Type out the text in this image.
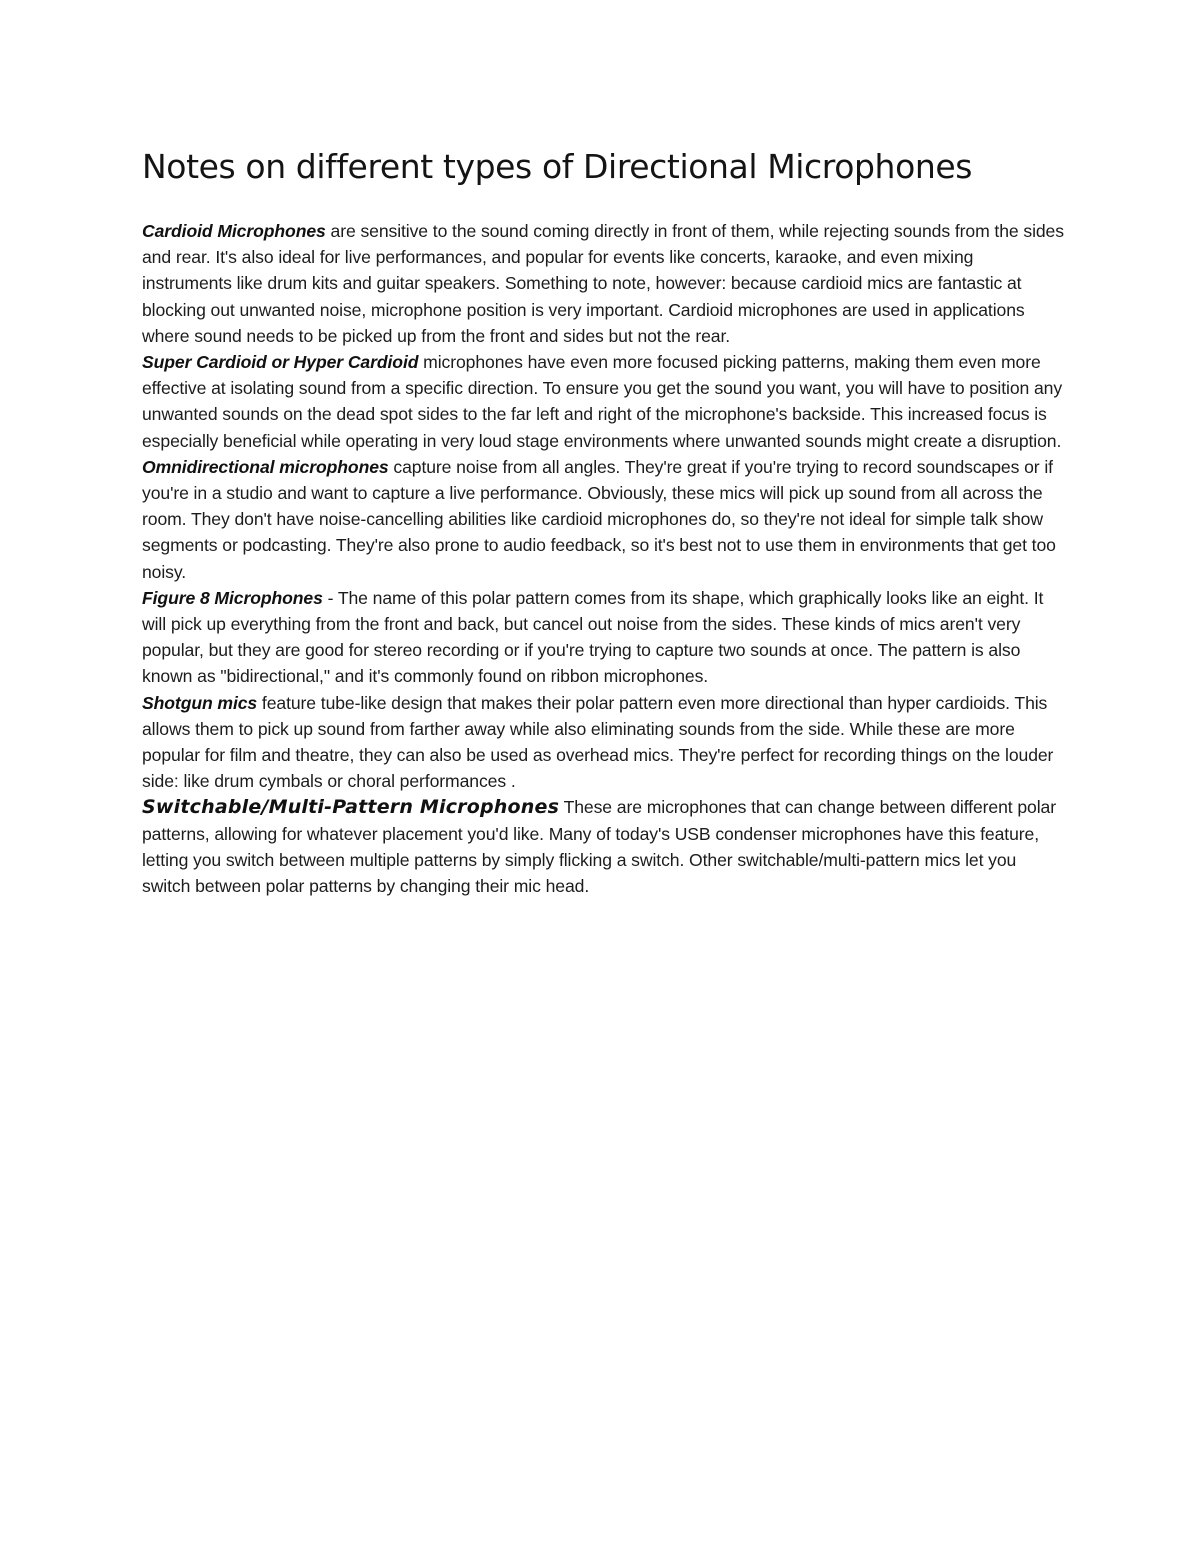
Notes on different types of Directional Microphones

Cardioid Microphones are sensitive to the sound coming directly in front of them, while rejecting sounds from the sides and rear. It's also ideal for live performances, and popular for events like concerts, karaoke, and even mixing instruments like drum kits and guitar speakers. Something to note, however: because cardioid mics are fantastic at blocking out unwanted noise, microphone position is very important. Cardioid microphones are used in applications where sound needs to be picked up from the front and sides but not the rear.

Super Cardioid or Hyper Cardioid microphones have even more focused picking patterns, making them even more effective at isolating sound from a specific direction. To ensure you get the sound you want, you will have to position any unwanted sounds on the dead spot sides to the far left and right of the microphone's backside. This increased focus is especially beneficial while operating in very loud stage environments where unwanted sounds might create a disruption.

Omnidirectional microphones capture noise from all angles. They're great if you're trying to record soundscapes or if you're in a studio and want to capture a live performance. Obviously, these mics will pick up sound from all across the room. They don't have noise-cancelling abilities like cardioid microphones do, so they're not ideal for simple talk show segments or podcasting. They're also prone to audio feedback, so it's best not to use them in environments that get too noisy.

Figure 8 Microphones - The name of this polar pattern comes from its shape, which graphically looks like an eight. It will pick up everything from the front and back, but cancel out noise from the sides. These kinds of mics aren't very popular, but they are good for stereo recording or if you're trying to capture two sounds at once. The pattern is also known as "bidirectional," and it's commonly found on ribbon microphones.

Shotgun mics feature tube-like design that makes their polar pattern even more directional than hyper cardioids. This allows them to pick up sound from farther away while also eliminating sounds from the side. While these are more popular for film and theatre, they can also be used as overhead mics. They're perfect for recording things on the louder side: like drum cymbals or choral performances .

Switchable/Multi-Pattern Microphones These are microphones that can change between different polar patterns, allowing for whatever placement you'd like. Many of today's USB condenser microphones have this feature, letting you switch between multiple patterns by simply flicking a switch. Other switchable/multi-pattern mics let you switch between polar patterns by changing their mic head.
